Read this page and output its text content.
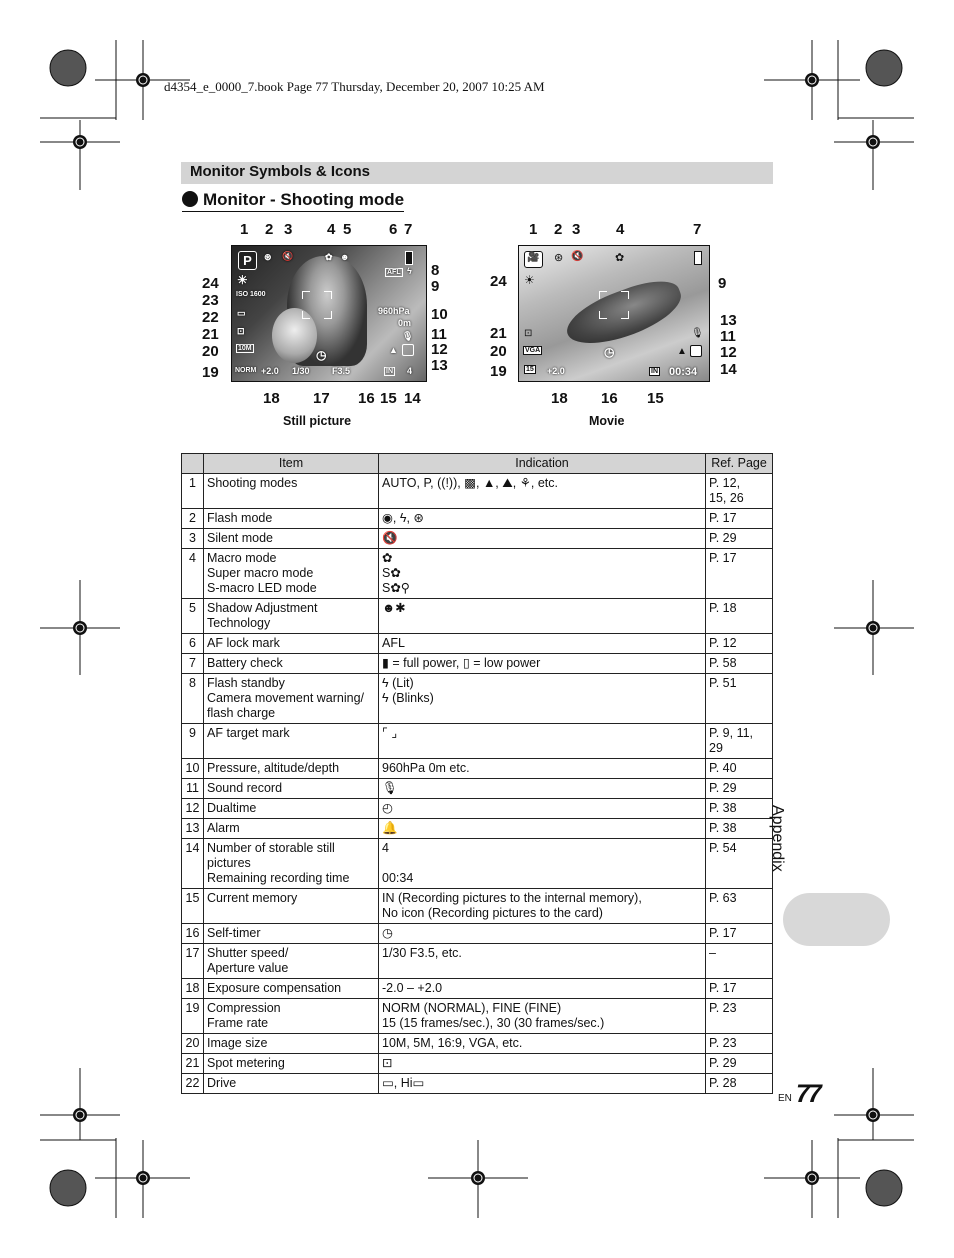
d4354_e_0000_7.book Page 77 Thursday, December 20, 2007 10:25 AM
Monitor Symbols & Icons
Monitor - Shooting mode
P	⊛ 🔇	✿ ☻
AFL ϟ
☀
ISO 1600
▭
⊡
10M
NORM
960hPa
0m
🎙
▲
◷
+2.0 1/30 F3.5	IN 4
1 2 3 4 5	6 7
24
23
22
21
20
19
8
9
10
11
12
13
18 17 16 15 14
Still picture
🎥 ⊛ 🔇	✿
☀
⊡
VGA
15 +2.0
◷
🎙
▲
IN 00:34
1 2 3 4	7
24
21
20
19
9
13
11
12
14
18 16 15
Movie
	Item	Indication	Ref. Page
1	Shooting modes	AUTO, P, ((!)), ▩, ▲, ⛰, ⚘, etc.	P. 12,
15, 26

2	Flash mode	◉, ϟ, ⊛	P. 17

3	Silent mode	🔇	P. 29

4	Macro mode
Super macro mode
S-macro LED mode	✿
S✿
S✿⚲	P. 17

5	Shadow Adjustment Technology	☻✱	P. 18

6	AF lock mark	AFL	P. 12

7	Battery check	▮ = full power, ▯ = low power	P. 58

8	Flash standby
Camera movement warning/
flash charge	ϟ (Lit)
ϟ (Blinks)	P. 51

9	AF target mark	⌜ ⌟	P. 9, 11,
29

10	Pressure, altitude/depth	960hPa 0m etc.	P. 40

11	Sound record	🎙	P. 29

12	Dualtime	◴	P. 38

13	Alarm	🔔	P. 38

14	Number of storable still
pictures
Remaining recording time	4

00:34	P. 54

15	Current memory	IN (Recording pictures to the internal memory),
No icon (Recording pictures to the card)	P. 63

16	Self-timer	◷	P. 17

17	Shutter speed/
Aperture value	1/30 F3.5, etc.	–

18	Exposure compensation	-2.0 – +2.0	P. 17

19	Compression
Frame rate	NORM (NORMAL), FINE (FINE)
15 (15 frames/sec.), 30 (30 frames/sec.)	P. 23

20	Image size	10M, 5M, 16:9, VGA, etc.	P. 23

21	Spot metering	⊡	P. 29

22	Drive	▭, Hi▭	P. 28
Appendix
EN 77
